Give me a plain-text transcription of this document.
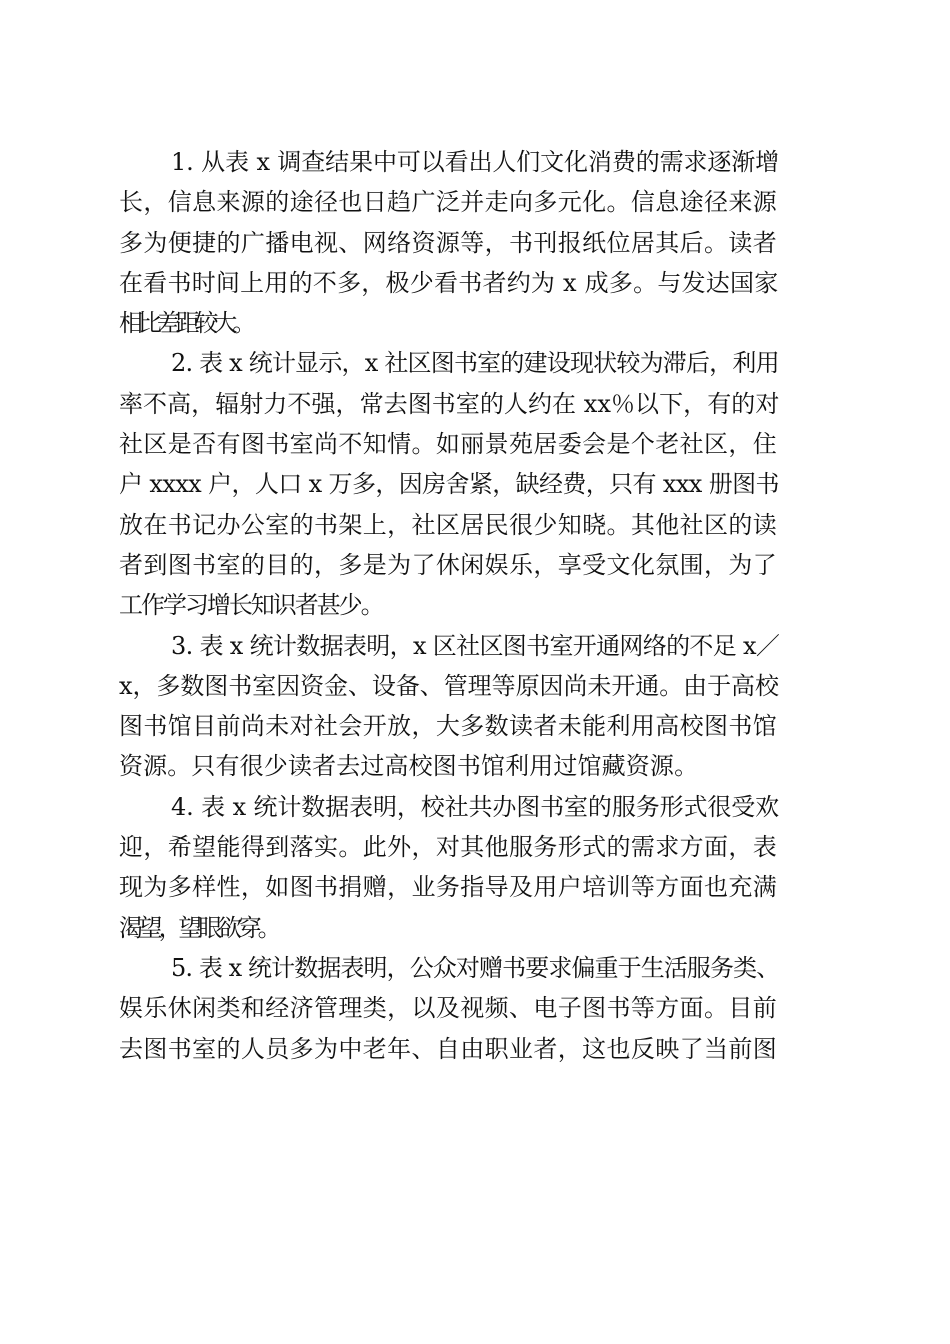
1. 从表 x 调查结果中可以看出人们文化消费的需求逐渐增
长，信息来源的途径也日趋广泛并走向多元化。信息途径来源
多为便捷的广播电视、网络资源等，书刊报纸位居其后。读者
在看书时间上用的不多，极少看书者约为 x 成多。与发达国家
相比差距较大。

2. 表 x 统计显示，x 社区图书室的建设现状较为滞后，利用
率不高，辐射力不强，常去图书室的人约在 xx％以下，有的对
社区是否有图书室尚不知情。如丽景苑居委会是个老社区，住
户 xxxx 户，人口 x 万多，因房舍紧，缺经费，只有 xxx 册图书
放在书记办公室的书架上，社区居民很少知晓。其他社区的读
者到图书室的目的，多是为了休闲娱乐，享受文化氛围，为了
工作学习增长知识者甚少。

3. 表 x 统计数据表明，x 区社区图书室开通网络的不足 x／
x，多数图书室因资金、设备、管理等原因尚未开通。由于高校
图书馆目前尚未对社会开放，大多数读者未能利用高校图书馆
资源。只有很少读者去过高校图书馆利用过馆藏资源。

4. 表 x 统计数据表明，校社共办图书室的服务形式很受欢
迎，希望能得到落实。此外，对其他服务形式的需求方面，表
现为多样性，如图书捐赠，业务指导及用户培训等方面也充满
渴望，望眼欲穿。

5. 表 x 统计数据表明，公众对赠书要求偏重于生活服务类、
娱乐休闲类和经济管理类，以及视频、电子图书等方面。目前
去图书室的人员多为中老年、自由职业者，这也反映了当前图
